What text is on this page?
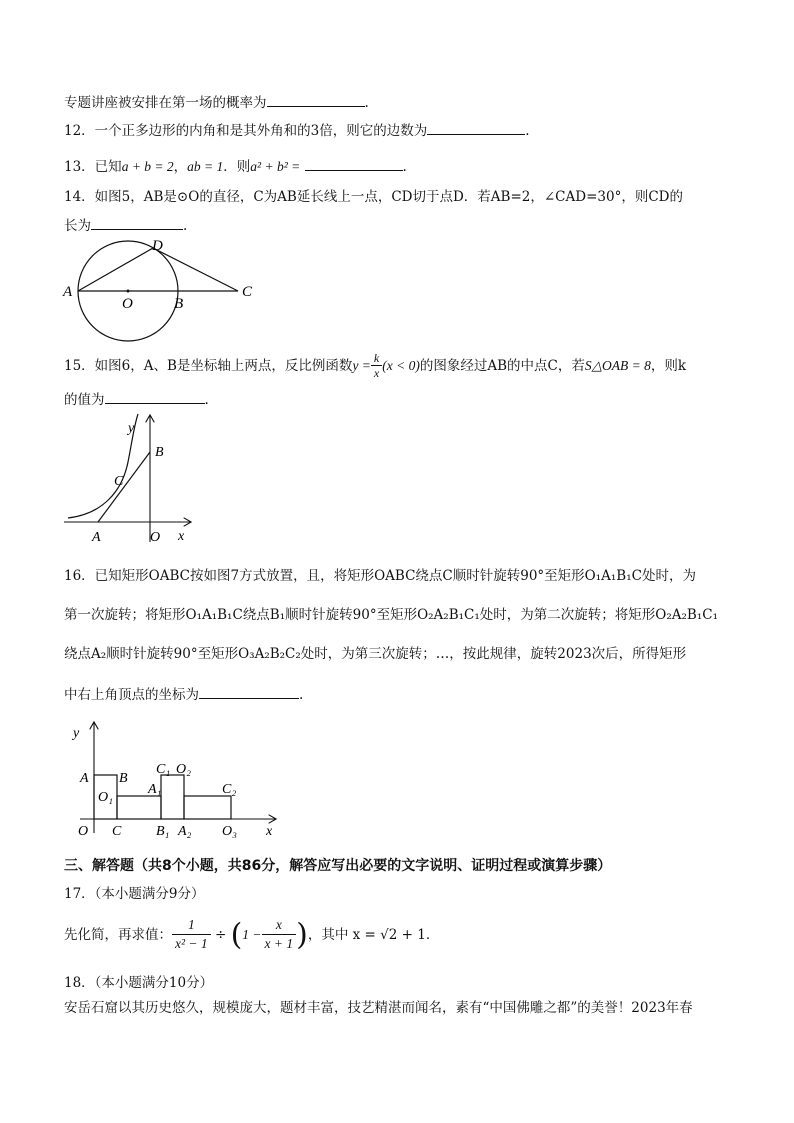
专题讲座被安排在第一场的概率为	.
12．一个正多边形的内角和是其外角和的3倍，则它的边数为	.
13．已知a + b = 2，ab = 1．则a² + b² =	.
14．如图5，AB是⊙O的直径，C为AB延长线上一点，CD切于点D．若AB=2，∠CAD=30°，则CD的
长为	.
A
O	B
C
D
15．如图6，A、B是坐标轴上两点，反比例函数$y = \frac{k}{x} (x < 0)$的图象经过AB的中点C，若S△OAB = 8，则k
的值为	.
y
x
B
C
A	O
16．已知矩形OABC按如图7方式放置，且，将矩形OABC绕点C顺时针旋转90°至矩形O₁A₁B₁C处时，为
第一次旋转；将矩形O₁A₁B₁C绕点B₁顺时针旋转90°至矩形O₂A₂B₁C₁处时，为第二次旋转；将矩形O₂A₂B₁C₁
绕点A₂顺时针旋转90°至矩形O₃A₂B₂C₂处时，为第三次旋转；…，按此规律，旋转2023次后，所得矩形
中右上角顶点的坐标为	.
y
x
A B
O₁
A₁
C₁ O₂
C₂
O C B₁ A₂ O₃
三、解答题（共8个小题，共86分，解答应写出必要的文字说明、证明过程或演算步骤）
17．（本小题满分9分）
先化简，再求值： $\frac{1}{\text{x² − 1}} \div (1 - \frac{x}{x + 1}$ )，其中 x = √2 + 1．
18．（本小题满分10分）
安岳石窟以其历史悠久，规模庞大，题材丰富，技艺精湛而闻名，素有“中国佛雕之都”的美誉！2023年春
